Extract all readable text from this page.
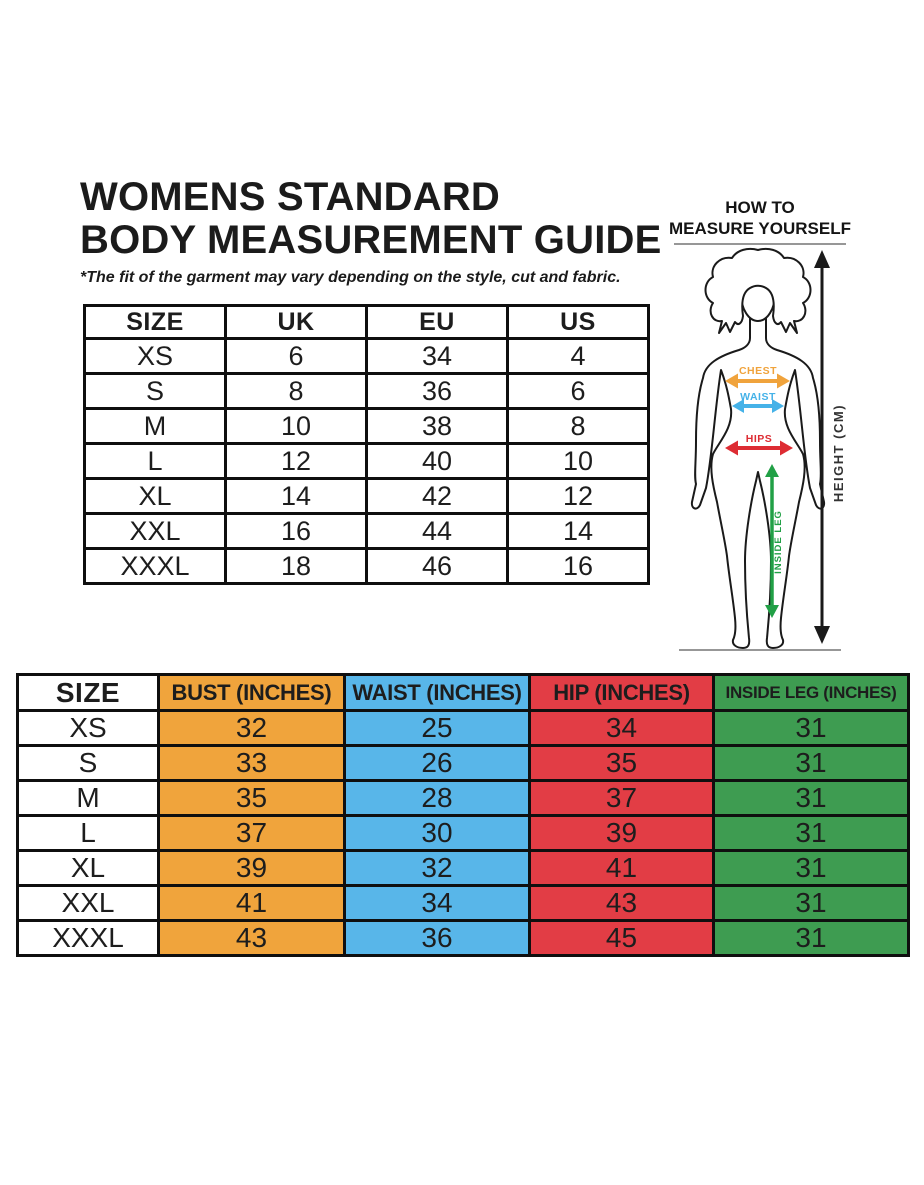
WOMENS STANDARD
BODY MEASUREMENT GUIDE
*The fit of the garment may vary depending on the style, cut and fabric.
SIZE	UK	EU	US
XS	6	34	4
S	8	36	6
M	10	38	8
L	12	40	10
XL	14	42	12
XXL	16	44	14
XXXL	18	46	16
HOW TO
MEASURE YOURSELF
CHEST
WAIST
HIPS
INSIDE LEG
HEIGHT (CM)
SIZE	BUST (INCHES)	WAIST (INCHES)	HIP (INCHES)	INSIDE LEG (INCHES)
XS	32	25	34	31
S	33	26	35	31
M	35	28	37	31
L	37	30	39	31
XL	39	32	41	31
XXL	41	34	43	31
XXXL	43	36	45	31
